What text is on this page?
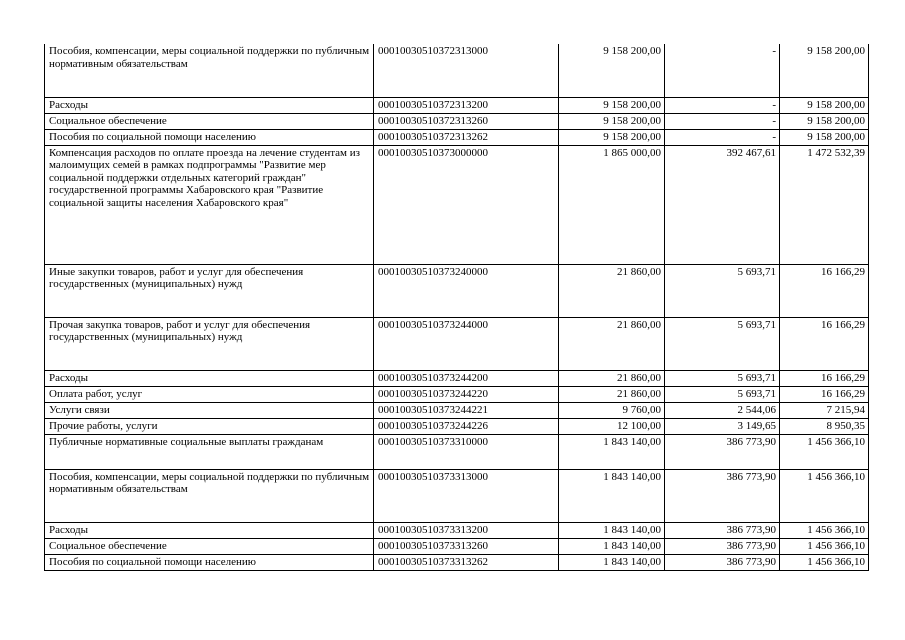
Пособия, компенсации, меры социальной поддержки по публичным нормативным обязательствам	00010030510372313000	9 158 200,00	-	9 158 200,00
Расходы	00010030510372313200	9 158 200,00	-	9 158 200,00
Социальное обеспечение	00010030510372313260	9 158 200,00	-	9 158 200,00
Пособия по социальной помощи населению	00010030510372313262	9 158 200,00	-	9 158 200,00
Компенсация расходов по оплате проезда на лечение студентам из малоимущих семей в рамках подпрограммы "Развитие мер социальной поддержки отдельных категорий граждан" государственной программы Хабаровского края "Развитие социальной защиты населения Хабаровского края"	00010030510373000000	1 865 000,00	392 467,61	1 472 532,39
Иные закупки товаров, работ и услуг для обеспечения государственных (муниципальных) нужд	00010030510373240000	21 860,00	5 693,71	16 166,29
Прочая закупка товаров, работ и услуг для обеспечения государственных (муниципальных) нужд	00010030510373244000	21 860,00	5 693,71	16 166,29
Расходы	00010030510373244200	21 860,00	5 693,71	16 166,29
Оплата работ, услуг	00010030510373244220	21 860,00	5 693,71	16 166,29
Услуги связи	00010030510373244221	9 760,00	2 544,06	7 215,94
Прочие работы, услуги	00010030510373244226	12 100,00	3 149,65	8 950,35
Публичные нормативные социальные выплаты гражданам	00010030510373310000	1 843 140,00	386 773,90	1 456 366,10
Пособия, компенсации, меры социальной поддержки по публичным нормативным обязательствам	00010030510373313000	1 843 140,00	386 773,90	1 456 366,10
Расходы	00010030510373313200	1 843 140,00	386 773,90	1 456 366,10
Социальное обеспечение	00010030510373313260	1 843 140,00	386 773,90	1 456 366,10
Пособия по социальной помощи населению	00010030510373313262	1 843 140,00	386 773,90	1 456 366,10
